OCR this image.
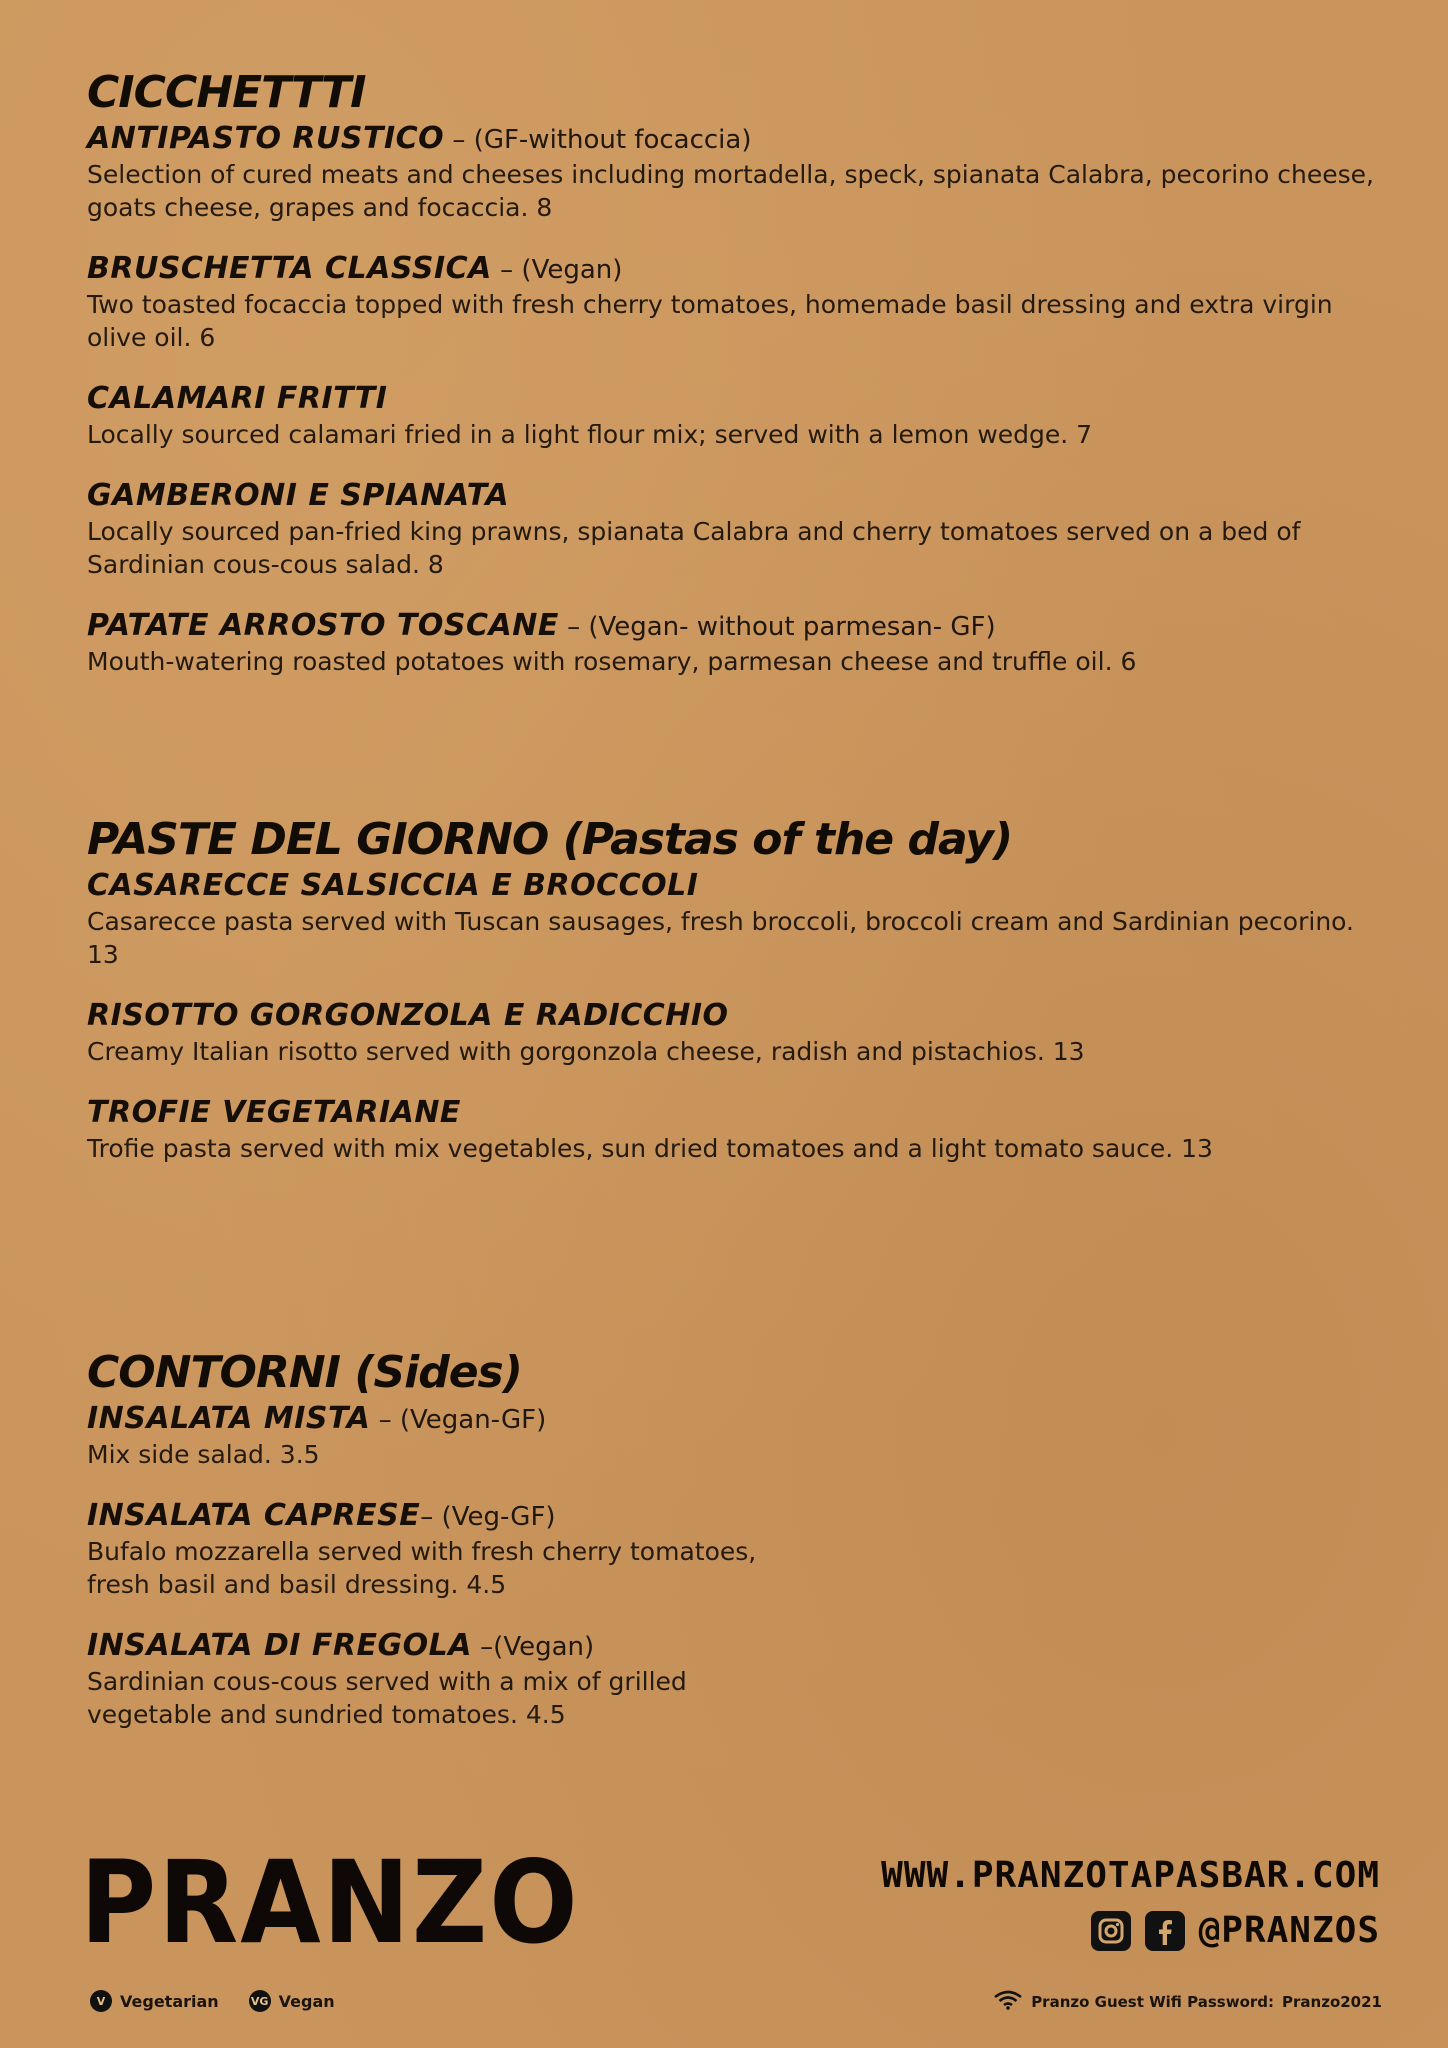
CICCHETTTI
ANTIPASTO RUSTICO – (GF-without focaccia)

Selection of cured meats and cheeses including mortadella, speck, spianata Calabra, pecorino cheese, goats cheese, grapes and focaccia. 8

BRUSCHETTA CLASSICA – (Vegan)

Two toasted focaccia topped with fresh cherry tomatoes, homemade basil dressing and extra virgin olive oil. 6

CALAMARI FRITTI

Locally sourced calamari fried in a light flour mix; served with a lemon wedge. 7

GAMBERONI E SPIANATA

Locally sourced pan-fried king prawns, spianata Calabra and cherry tomatoes served on a bed of Sardinian cous-cous salad. 8

PATATE ARROSTO TOSCANE – (Vegan- without parmesan- GF)

Mouth-watering roasted potatoes with rosemary, parmesan cheese and truffle oil. 6

PASTE DEL GIORNO (Pastas of the day)
CASARECCE SALSICCIA E BROCCOLI

Casarecce pasta served with Tuscan sausages, fresh broccoli, broccoli cream and Sardinian pecorino. 13

RISOTTO GORGONZOLA E RADICCHIO

Creamy Italian risotto served with gorgonzola cheese, radish and pistachios. 13

TROFIE VEGETARIANE

Trofie pasta served with mix vegetables, sun dried tomatoes and a light tomato sauce. 13

CONTORNI (Sides)
INSALATA MISTA – (Vegan-GF)

Mix side salad. 3.5

INSALATA CAPRESE– (Veg-GF)

Bufalo mozzarella served with fresh cherry tomatoes, fresh basil and basil dressing. 4.5

INSALATA DI FREGOLA –(Vegan)

Sardinian cous-cous served with a mix of grilled vegetable and sundried tomatoes. 4.5

PRANZO
V Vegetarian	VG Vegan
WWW.PRANZOTAPASBAR.COM
@PRANZOS
Pranzo Guest Wifi Password: Pranzo2021
